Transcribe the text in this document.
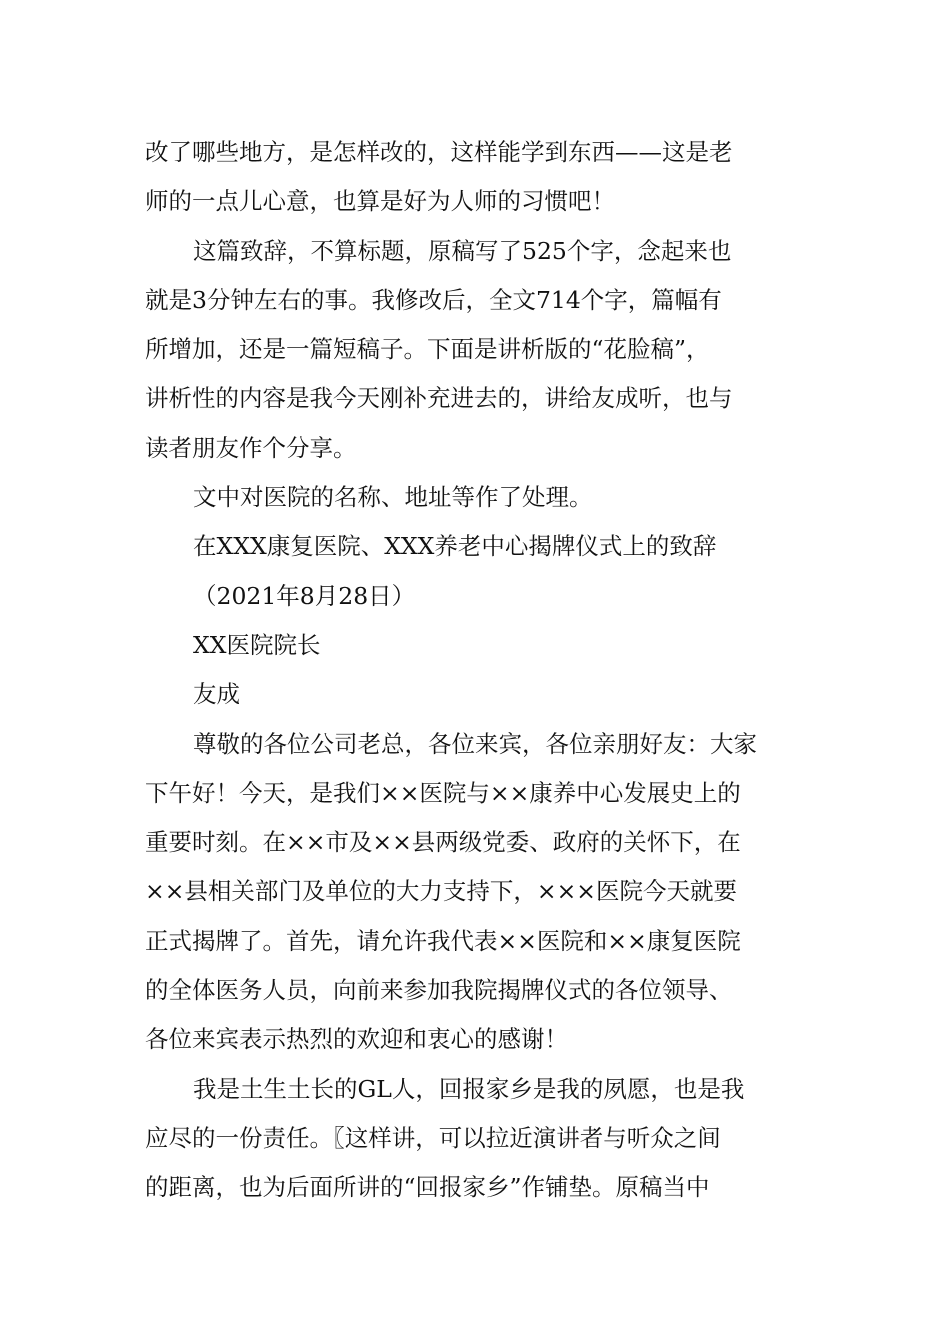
改了哪些地方，是怎样改的，这样能学到东西——这是老
师的一点儿心意，也算是好为人师的习惯吧！
这篇致辞，不算标题，原稿写了525个字，念起来也
就是3分钟左右的事。我修改后，全文714个字，篇幅有
所增加，还是一篇短稿子。下面是讲析版的“花脸稿”，
讲析性的内容是我今天刚补充进去的，讲给友成听，也与
读者朋友作个分享。
文中对医院的名称、地址等作了处理。
在XXX康复医院、XXX养老中心揭牌仪式上的致辞
（2021年8月28日）
XX医院院长
友成
尊敬的各位公司老总，各位来宾，各位亲朋好友：大家
下午好！今天，是我们××医院与××康养中心发展史上的
重要时刻。在××市及××县两级党委、政府的关怀下，在
××县相关部门及单位的大力支持下，×××医院今天就要
正式揭牌了。首先，请允许我代表××医院和××康复医院
的全体医务人员，向前来参加我院揭牌仪式的各位领导、
各位来宾表示热烈的欢迎和衷心的感谢！
我是土生土长的GL人，回报家乡是我的夙愿，也是我
应尽的一份责任。〖这样讲，可以拉近演讲者与听众之间
的距离，也为后面所讲的“回报家乡”作铺垫。原稿当中
